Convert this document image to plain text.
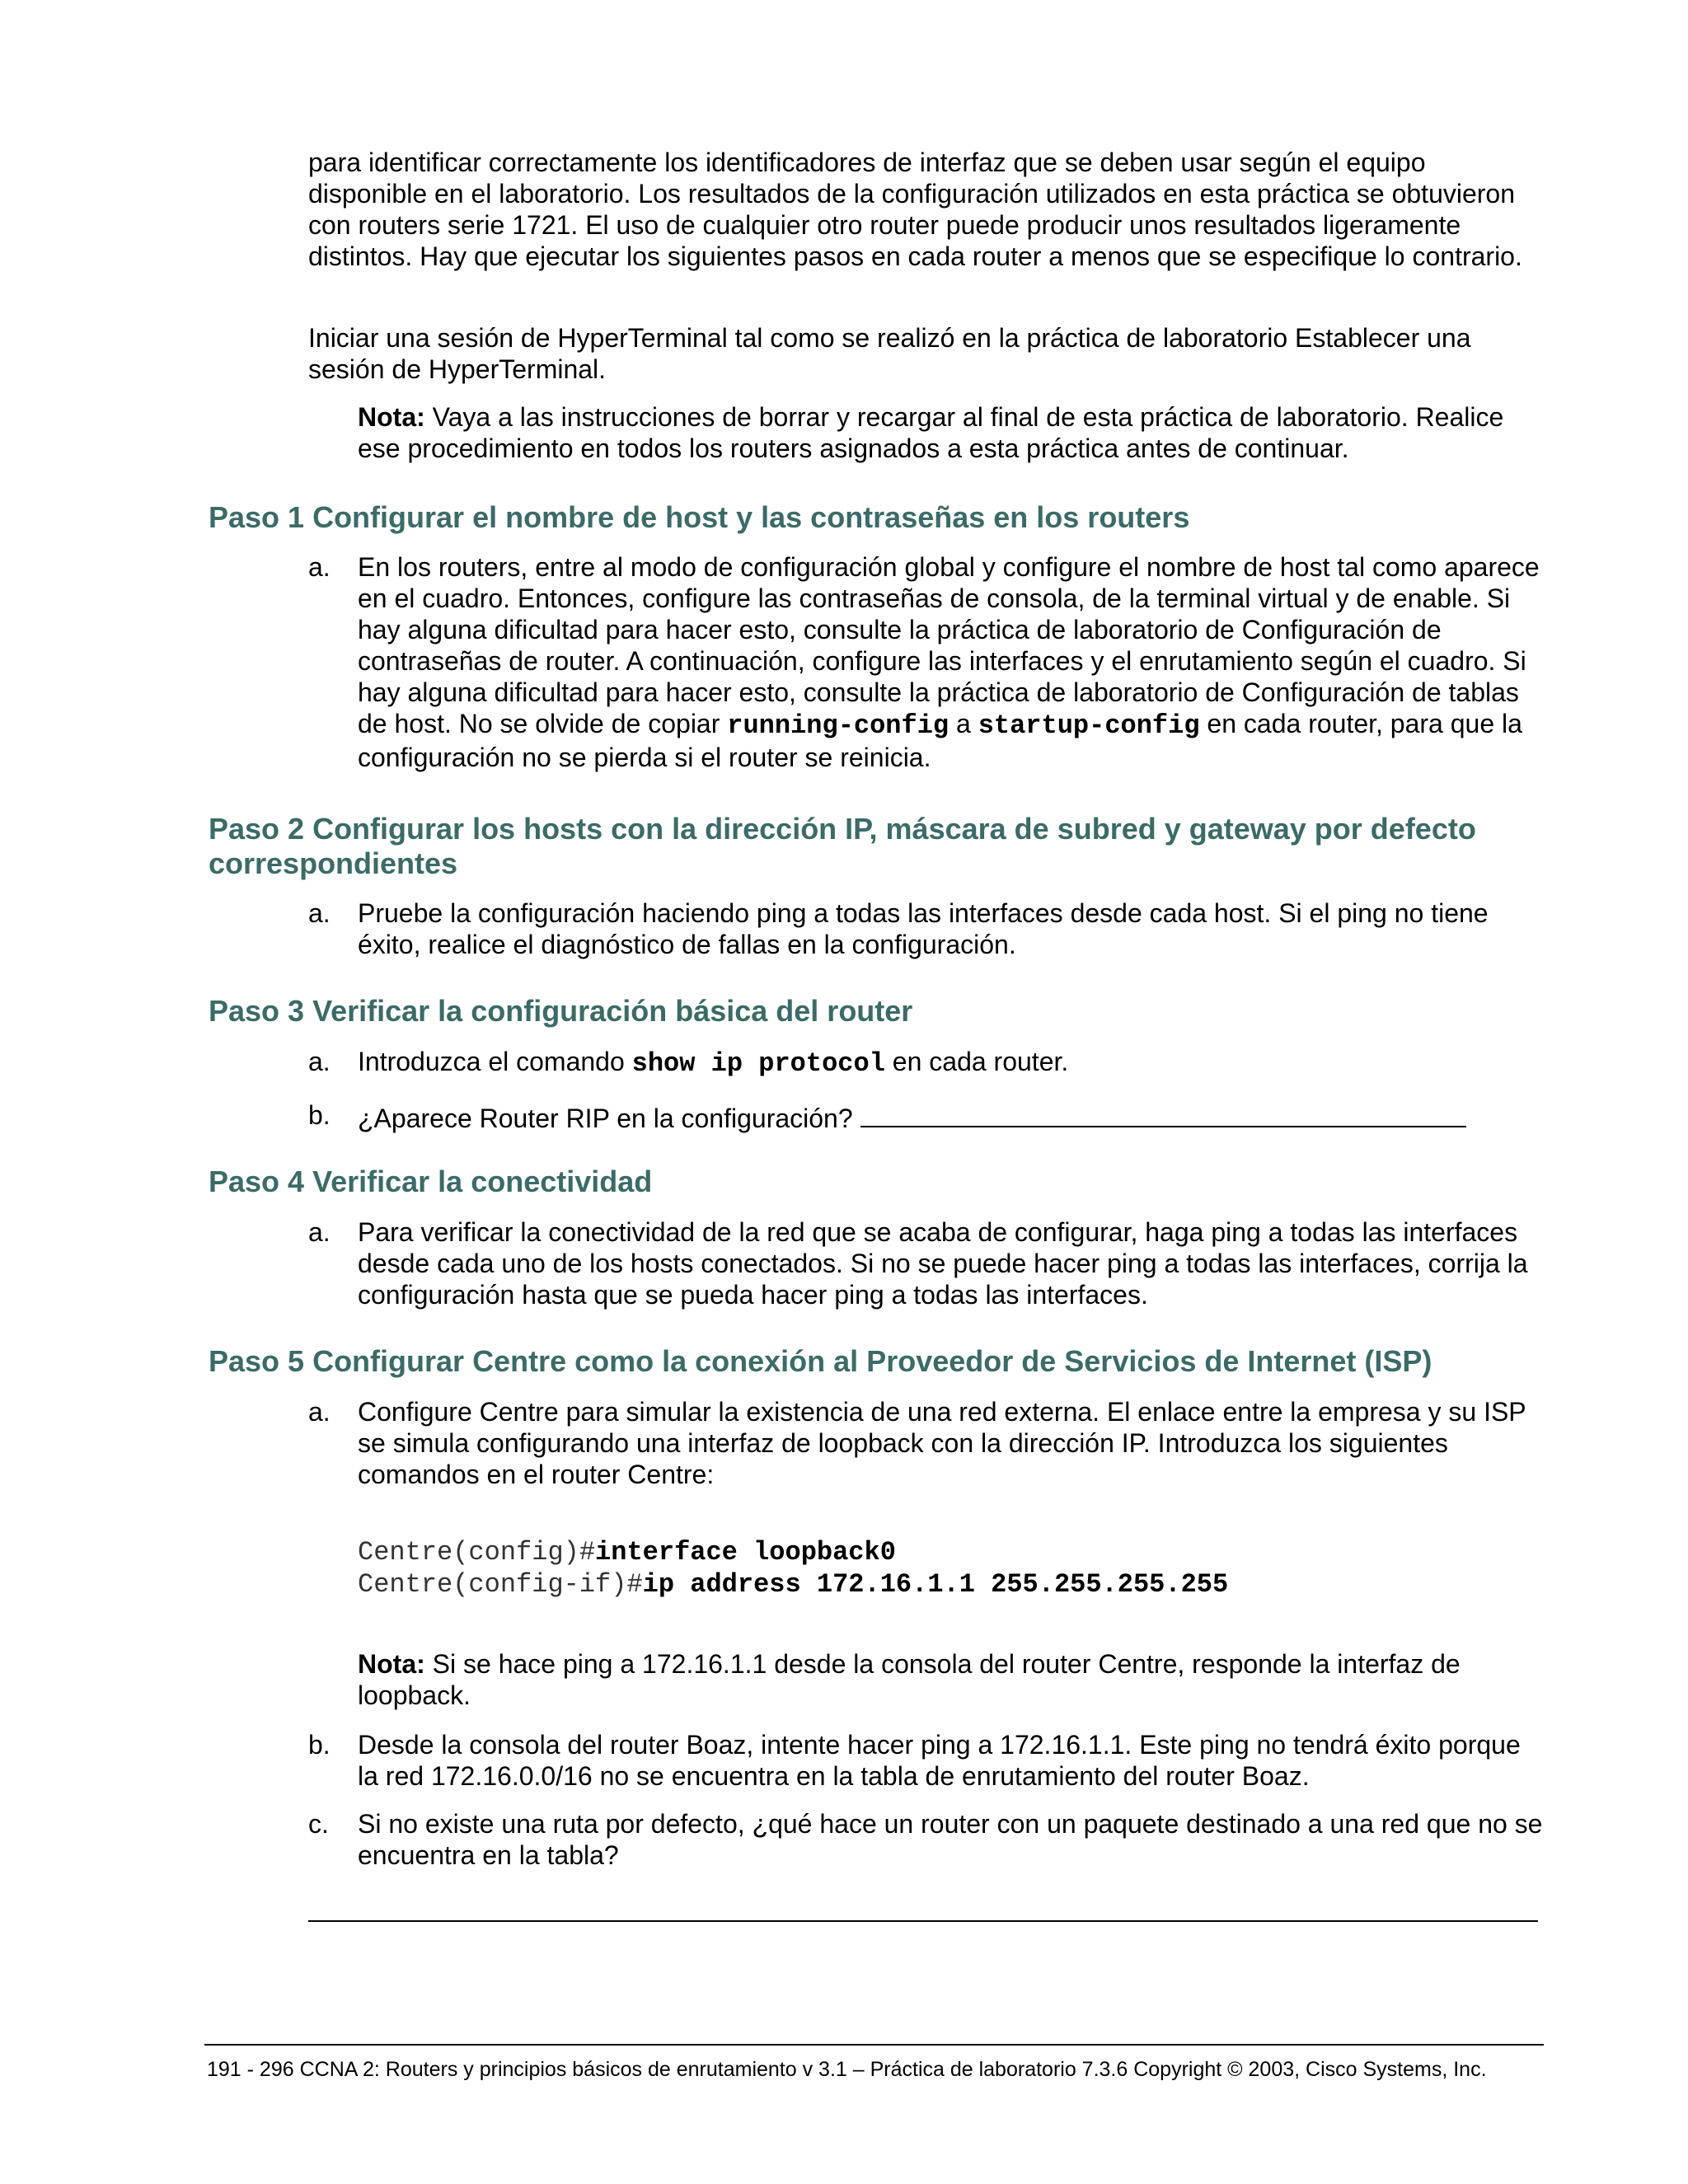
para identificar correctamente los identificadores de interfaz que se deben usar según el equipo disponible en el laboratorio. Los resultados de la configuración utilizados en esta práctica se obtuvieron con routers serie 1721. El uso de cualquier otro router puede producir unos resultados ligeramente distintos. Hay que ejecutar los siguientes pasos en cada router a menos que se especifique lo contrario.

Iniciar una sesión de HyperTerminal tal como se realizó en la práctica de laboratorio Establecer una sesión de HyperTerminal.

Nota: Vaya a las instrucciones de borrar y recargar al final de esta práctica de laboratorio. Realice ese procedimiento en todos los routers asignados a esta práctica antes de continuar.

Paso 1 Configurar el nombre de host y las contraseñas en los routers
a.	En los routers, entre al modo de configuración global y configure el nombre de host tal como aparece en el cuadro. Entonces, configure las contraseñas de consola, de la terminal virtual y de enable. Si hay alguna dificultad para hacer esto, consulte la práctica de laboratorio de Configuración de contraseñas de router. A continuación, configure las interfaces y el enrutamiento según el cuadro. Si hay alguna dificultad para hacer esto, consulte la práctica de laboratorio de Configuración de tablas de host. No se olvide de copiar running-config a startup-config en cada router, para que la configuración no se pierda si el router se reinicia.
Paso 2 Configurar los hosts con la dirección IP, máscara de subred y gateway por defecto correspondientes
a.	Pruebe la configuración haciendo ping a todas las interfaces desde cada host. Si el ping no tiene éxito, realice el diagnóstico de fallas en la configuración.
Paso 3 Verificar la configuración básica del router
a.	Introduzca el comando show ip protocol en cada router.
b.	¿Aparece Router RIP en la configuración?
Paso 4 Verificar la conectividad
a.	Para verificar la conectividad de la red que se acaba de configurar, haga ping a todas las interfaces desde cada uno de los hosts conectados. Si no se puede hacer ping a todas las interfaces, corrija la configuración hasta que se pueda hacer ping a todas las interfaces.
Paso 5 Configurar Centre como la conexión al Proveedor de Servicios de Internet (ISP)
a.	Configure Centre para simular la existencia de una red externa. El enlace entre la empresa y su ISP se simula configurando una interfaz de loopback con la dirección IP. Introduzca los siguientes comandos en el router Centre:
Centre(config)#interface loopback0
Centre(config-if)#ip address 172.16.1.1 255.255.255.255

Nota: Si se hace ping a 172.16.1.1 desde la consola del router Centre, responde la interfaz de loopback.

b.	Desde la consola del router Boaz, intente hacer ping a 172.16.1.1. Este ping no tendrá éxito porque la red 172.16.0.0/16 no se encuentra en la tabla de enrutamiento del router Boaz.
c.	Si no existe una ruta por defecto, ¿qué hace un router con un paquete destinado a una red que no se encuentra en la tabla?
191 - 296 CCNA 2: Routers y principios básicos de enrutamiento v 3.1 – Práctica de laboratorio 7.3.6 Copyright © 2003, Cisco Systems, Inc.
